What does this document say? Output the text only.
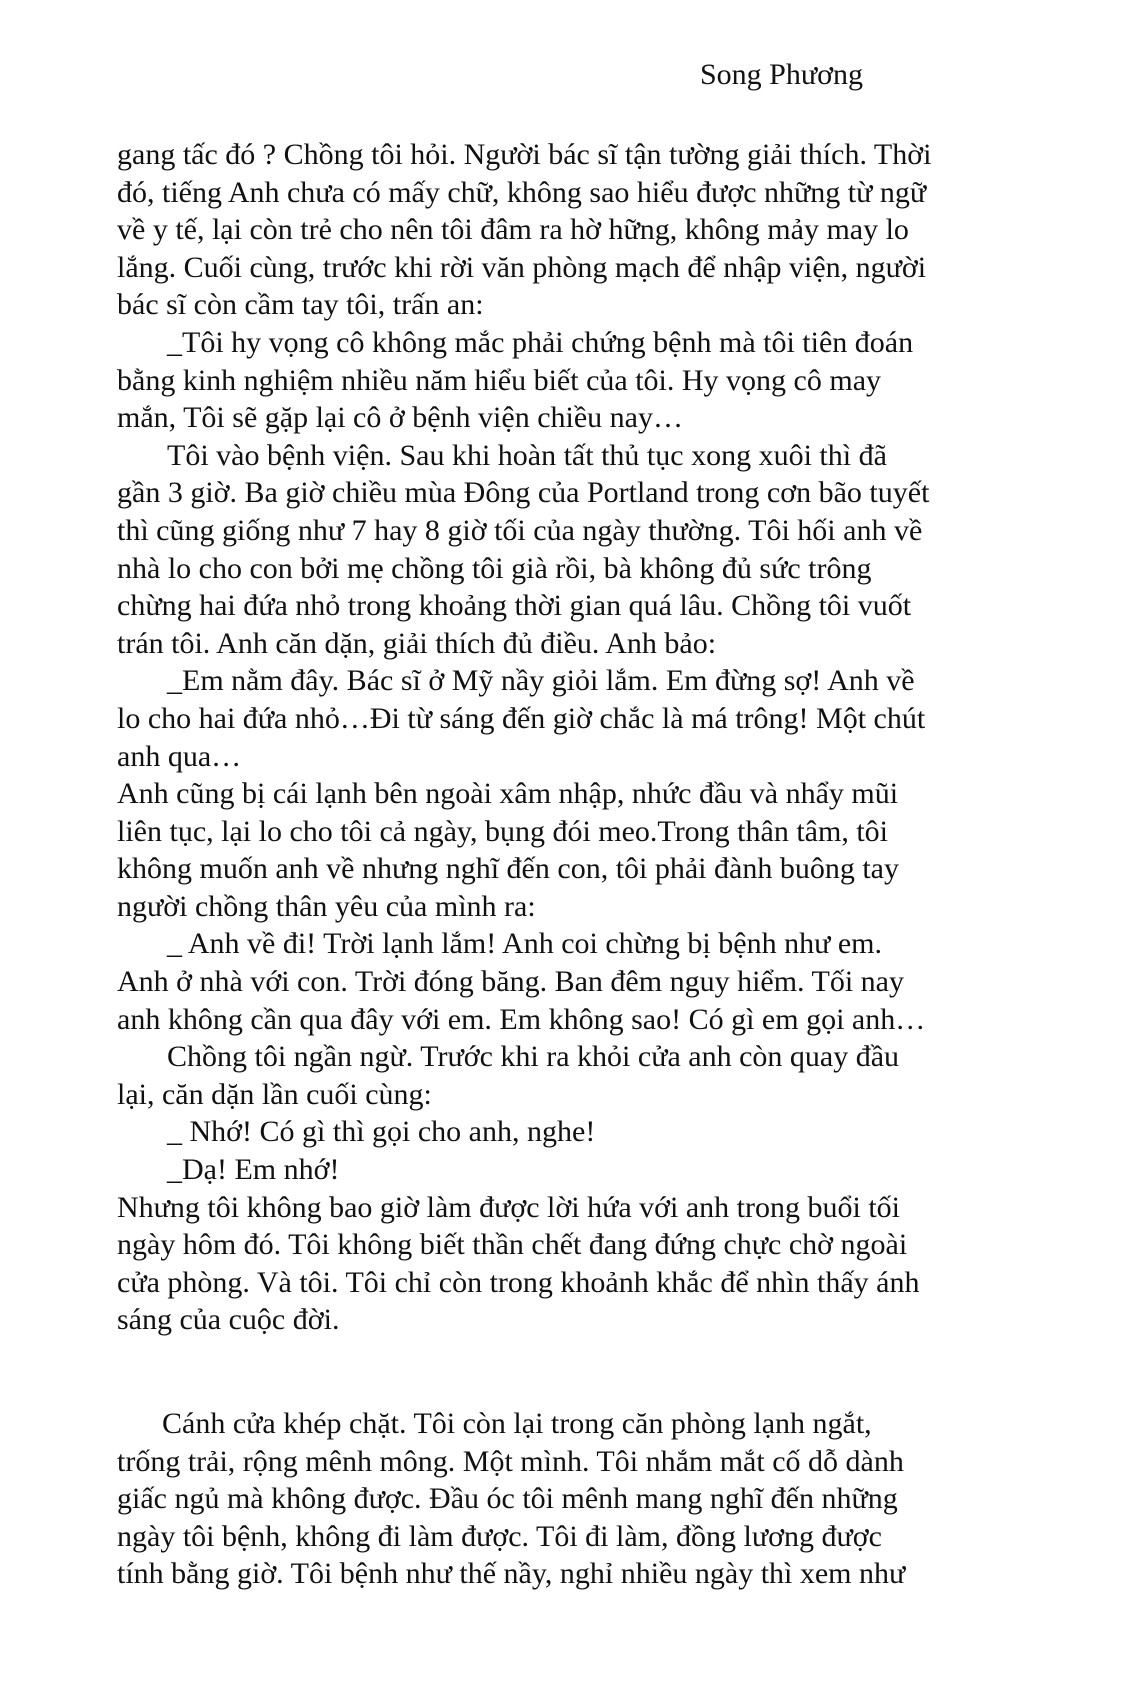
Song Phương
gang tấc đó ? Chồng tôi hỏi. Người bác sĩ tận tường giải thích. Thời
đó, tiếng Anh chưa có mấy chữ, không sao hiểu được những từ ngữ
về y tế, lại còn trẻ cho nên tôi đâm ra hờ hững, không mảy may lo
lắng. Cuối cùng, trước khi rời văn phòng mạch để nhập viện, người
bác sĩ còn cầm tay tôi, trấn an:
_Tôi hy vọng cô không mắc phải chứng bệnh mà tôi tiên đoán
bằng kinh nghiệm nhiều năm hiểu biết của tôi. Hy vọng cô may
mắn, Tôi sẽ gặp lại cô ở bệnh viện chiều nay…
Tôi vào bệnh viện. Sau khi hoàn tất thủ tục xong xuôi thì đã
gần 3 giờ. Ba giờ chiều mùa Đông của Portland trong cơn bão tuyết
thì cũng giống như 7 hay 8 giờ tối của ngày thường. Tôi hối anh về
nhà lo cho con bởi mẹ chồng tôi già rồi, bà không đủ sức trông
chừng hai đứa nhỏ trong khoảng thời gian quá lâu. Chồng tôi vuốt
trán tôi. Anh căn dặn, giải thích đủ điều. Anh bảo:
_Em nằm đây. Bác sĩ ở Mỹ nầy giỏi lắm. Em đừng sợ! Anh về
lo cho hai đứa nhỏ…Đi từ sáng đến giờ chắc là má trông! Một chút
anh qua…
Anh cũng bị cái lạnh bên ngoài xâm nhập, nhức đầu và nhẩy mũi
liên tục, lại lo cho tôi cả ngày, bụng đói meo.Trong thân tâm, tôi
không muốn anh về nhưng nghĩ đến con, tôi phải đành buông tay
người chồng thân yêu của mình ra:
_ Anh về đi! Trời lạnh lắm! Anh coi chừng bị bệnh như em.
Anh ở nhà với con. Trời đóng băng. Ban đêm nguy hiểm. Tối nay
anh không cần qua đây với em. Em không sao! Có gì em gọi anh…
Chồng tôi ngần ngừ. Trước khi ra khỏi cửa anh còn quay đầu
lại, căn dặn lần cuối cùng:
_ Nhớ! Có gì thì gọi cho anh, nghe!
_Dạ! Em nhớ!
Nhưng tôi không bao giờ làm được lời hứa với anh trong buổi tối
ngày hôm đó. Tôi không biết thần chết đang đứng chực chờ ngoài
cửa phòng. Và tôi. Tôi chỉ còn trong khoảnh khắc để nhìn thấy ánh
sáng của cuộc đời.
Cánh cửa khép chặt. Tôi còn lại trong căn phòng lạnh ngắt,
trống trải, rộng mênh mông. Một mình. Tôi nhắm mắt cố dỗ dành
giấc ngủ mà không được. Đầu óc tôi mênh mang nghĩ đến những
ngày tôi bệnh, không đi làm được. Tôi đi làm, đồng lương được
tính bằng giờ. Tôi bệnh như thế nầy, nghỉ nhiều ngày thì xem như
